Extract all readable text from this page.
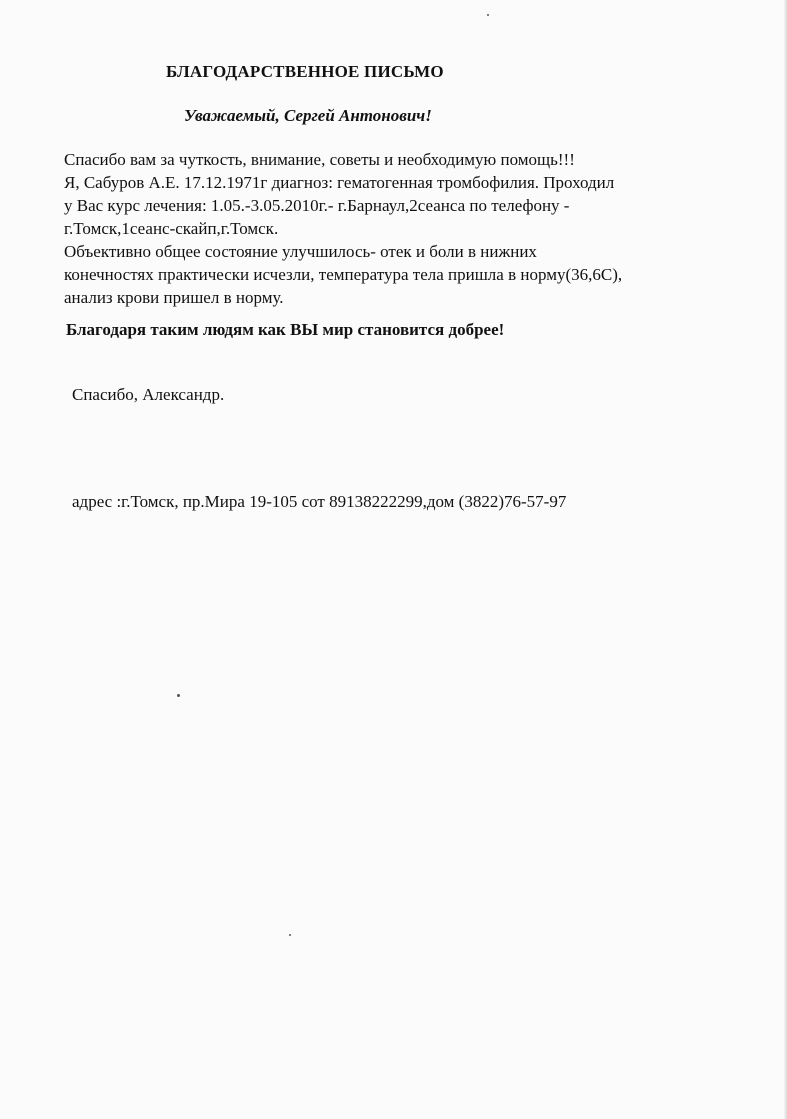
БЛАГОДАРСТВЕННОЕ ПИСЬМО
Уважаемый, Сергей Антонович!
Спасибо вам за чуткость, внимание, советы и необходимую помощь!!!
Я, Сабуров А.Е. 17.12.1971г диагноз: гематогенная тромбофилия. Проходил
у Вас курс лечения: 1.05.-3.05.2010г.- г.Барнаул,2сеанса по телефону -
г.Томск,1сеанс-скайп,г.Томск.
Объективно общее состояние улучшилось- отек и боли в нижних
конечностях практически исчезли, температура тела пришла в норму(36,6С),
анализ крови пришел в норму.
Благодаря таким людям как ВЫ мир становится добрее!
Спасибо, Александр.
адрес :г.Томск, пр.Мира 19-105 сот 89138222299,дом (3822)76-57-97
